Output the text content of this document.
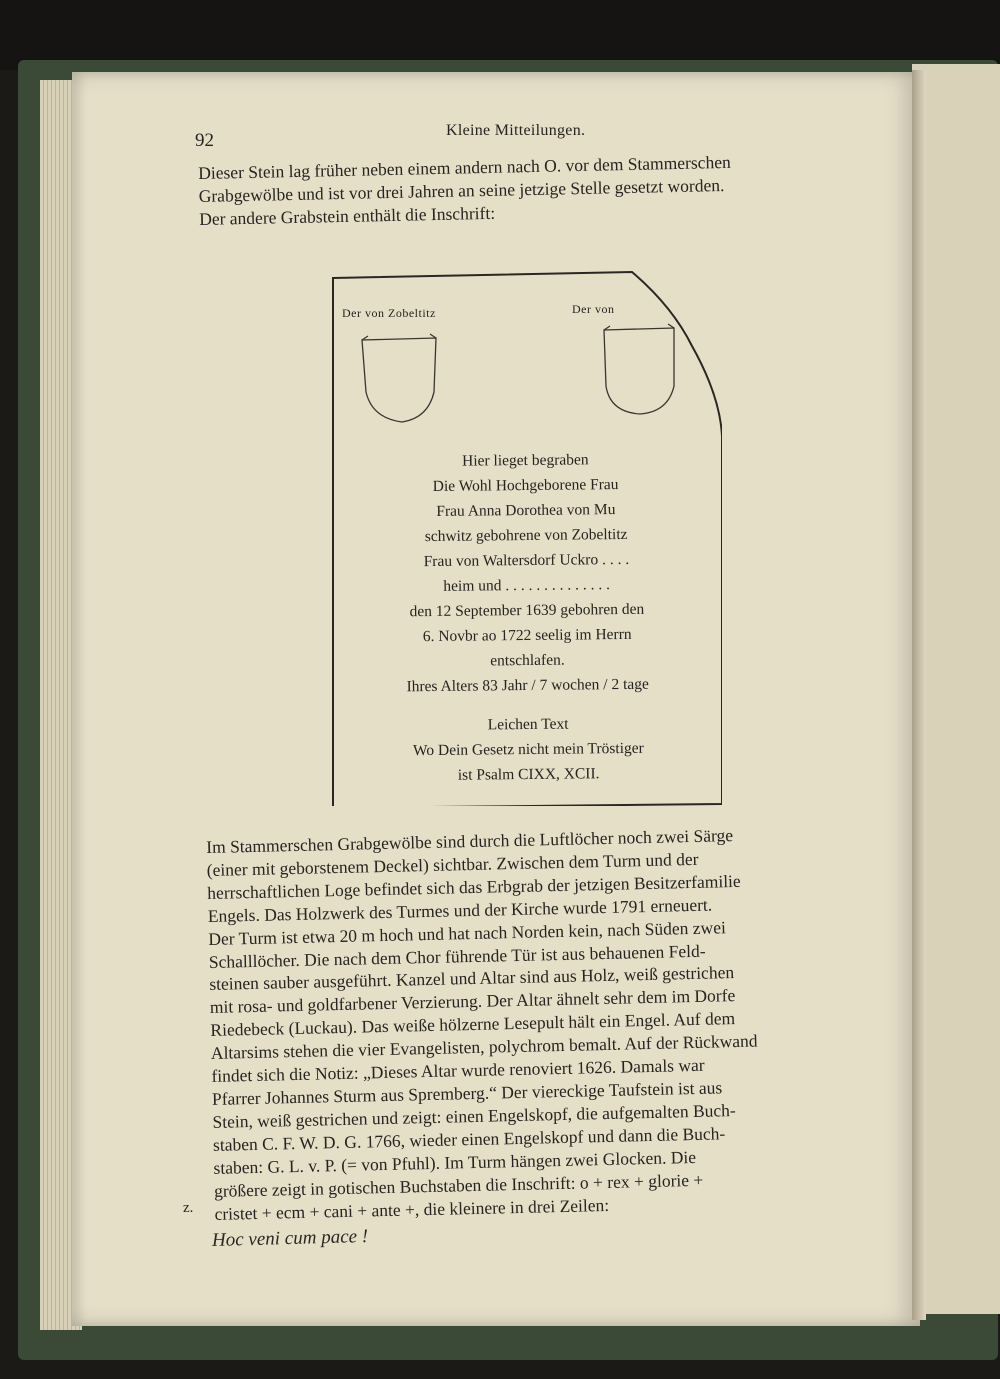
92	Kleine Mitteilungen.
Dieser Stein lag früher neben einem andern nach O. vor dem Stammerschen
Grabgewölbe und ist vor drei Jahren an seine jetzige Stelle gesetzt worden.
Der andere Grabstein enthält die Inschrift:
Der von Zobeltitz	Der von
Hier lieget begraben
Die Wohl Hochgeborene Frau
Frau Anna Dorothea von Mu
schwitz gebohrene von Zobeltitz
Frau von Waltersdorf Uckro . . . .
heim und . . . . . . . . . . . . . .
den 12 September 1639 gebohren den
6. Novbr ao 1722 seelig im Herrn
entschlafen.
Ihres Alters 83 Jahr / 7 wochen / 2 tage
Leichen Text
Wo Dein Gesetz nicht mein Tröstiger
ist Psalm CIXX, XCII.
Im Stammerschen Grabgewölbe sind durch die Luftlöcher noch zwei Särge
(einer mit geborstenem Deckel) sichtbar. Zwischen dem Turm und der
herrschaftlichen Loge befindet sich das Erbgrab der jetzigen Besitzerfamilie
Engels. Das Holzwerk des Turmes und der Kirche wurde 1791 erneuert.
Der Turm ist etwa 20 m hoch und hat nach Norden kein, nach Süden zwei
Schalllöcher. Die nach dem Chor führende Tür ist aus behauenen Feld-
steinen sauber ausgeführt. Kanzel und Altar sind aus Holz, weiß gestrichen
mit rosa- und goldfarbener Verzierung. Der Altar ähnelt sehr dem im Dorfe
Riedebeck (Luckau). Das weiße hölzerne Lesepult hält ein Engel. Auf dem
Altarsims stehen die vier Evangelisten, polychrom bemalt. Auf der Rückwand
findet sich die Notiz: „Dieses Altar wurde renoviert 1626. Damals war
Pfarrer Johannes Sturm aus Spremberg.“ Der viereckige Taufstein ist aus
Stein, weiß gestrichen und zeigt: einen Engelskopf, die aufgemalten Buch-
staben C. F. W. D. G. 1766, wieder einen Engelskopf und dann die Buch-
staben: G. L. v. P. (= von Pfuhl). Im Turm hängen zwei Glocken. Die
größere zeigt in gotischen Buchstaben die Inschrift: o + rex + glorie +
cristet + ecm + cani + ante +, die kleinere in drei Zeilen:
z.
Hoc veni cum pace !
